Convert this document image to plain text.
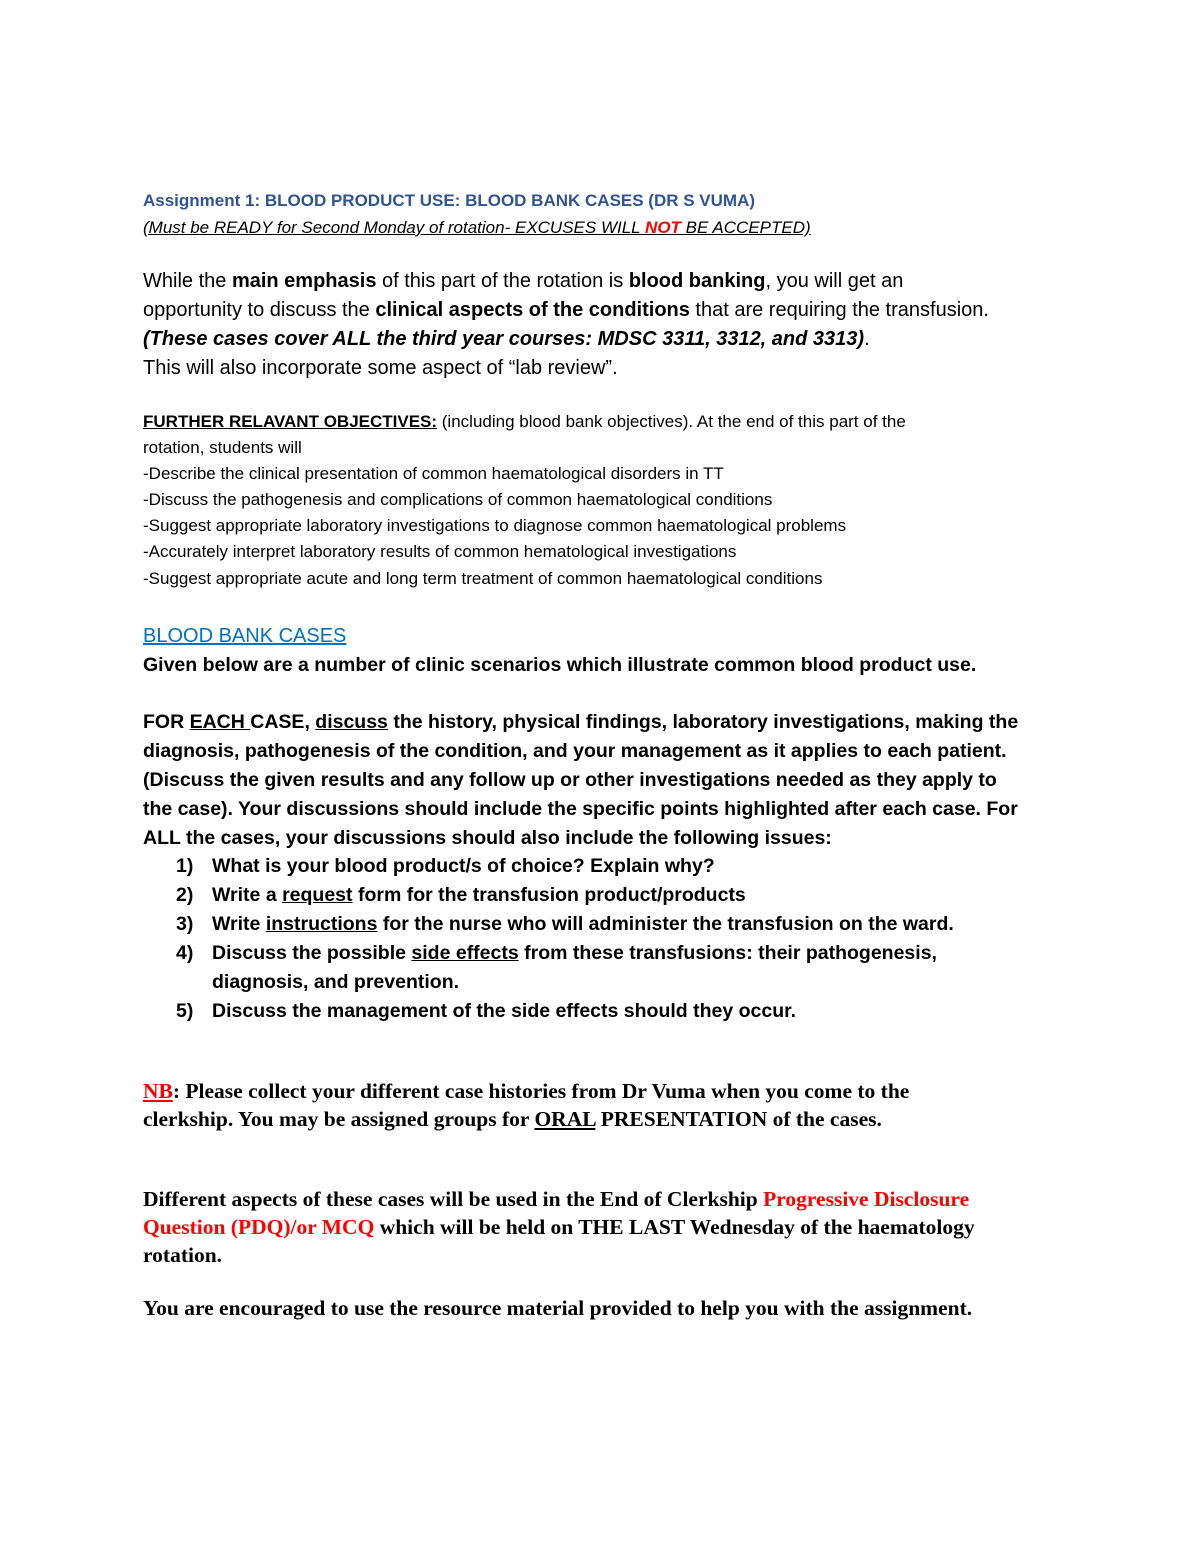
Assignment 1: BLOOD PRODUCT USE: BLOOD BANK CASES (DR S VUMA)
(Must be READY for Second Monday of rotation- EXCUSES WILL NOT BE ACCEPTED)
While the main emphasis of this part of the rotation is blood banking, you will get an
opportunity to discuss the clinical aspects of the conditions that are requiring the transfusion.
(These cases cover ALL the third year courses: MDSC 3311, 3312, and 3313).
This will also incorporate some aspect of “lab review”.
FURTHER RELAVANT OBJECTIVES: (including blood bank objectives). At the end of this part of the
rotation, students will
-Describe the clinical presentation of common haematological disorders in TT
-Discuss the pathogenesis and complications of common haematological conditions
-Suggest appropriate laboratory investigations to diagnose common haematological problems
-Accurately interpret laboratory results of common hematological investigations
-Suggest appropriate acute and long term treatment of common haematological conditions
BLOOD BANK CASES
Given below are a number of clinic scenarios which illustrate common blood product use.
FOR EACH CASE, discuss the history, physical findings, laboratory investigations, making the
diagnosis, pathogenesis of the condition, and your management as it applies to each patient.
(Discuss the given results and any follow up or other investigations needed as they apply to
the case). Your discussions should include the specific points highlighted after each case. For
ALL the cases, your discussions should also include the following issues:
1) What is your blood product/s of choice? Explain why?
2) Write a request form for the transfusion product/products
3) Write instructions for the nurse who will administer the transfusion on the ward.
4) Discuss the possible side effects from these transfusions: their pathogenesis,
diagnosis, and prevention.
5) Discuss the management of the side effects should they occur.
NB: Please collect your different case histories from Dr Vuma when you come to the
clerkship. You may be assigned groups for ORAL PRESENTATION of the cases.
Different aspects of these cases will be used in the End of Clerkship Progressive Disclosure
Question (PDQ)/or MCQ which will be held on THE LAST Wednesday of the haematology
rotation.
You are encouraged to use the resource material provided to help you with the assignment.
